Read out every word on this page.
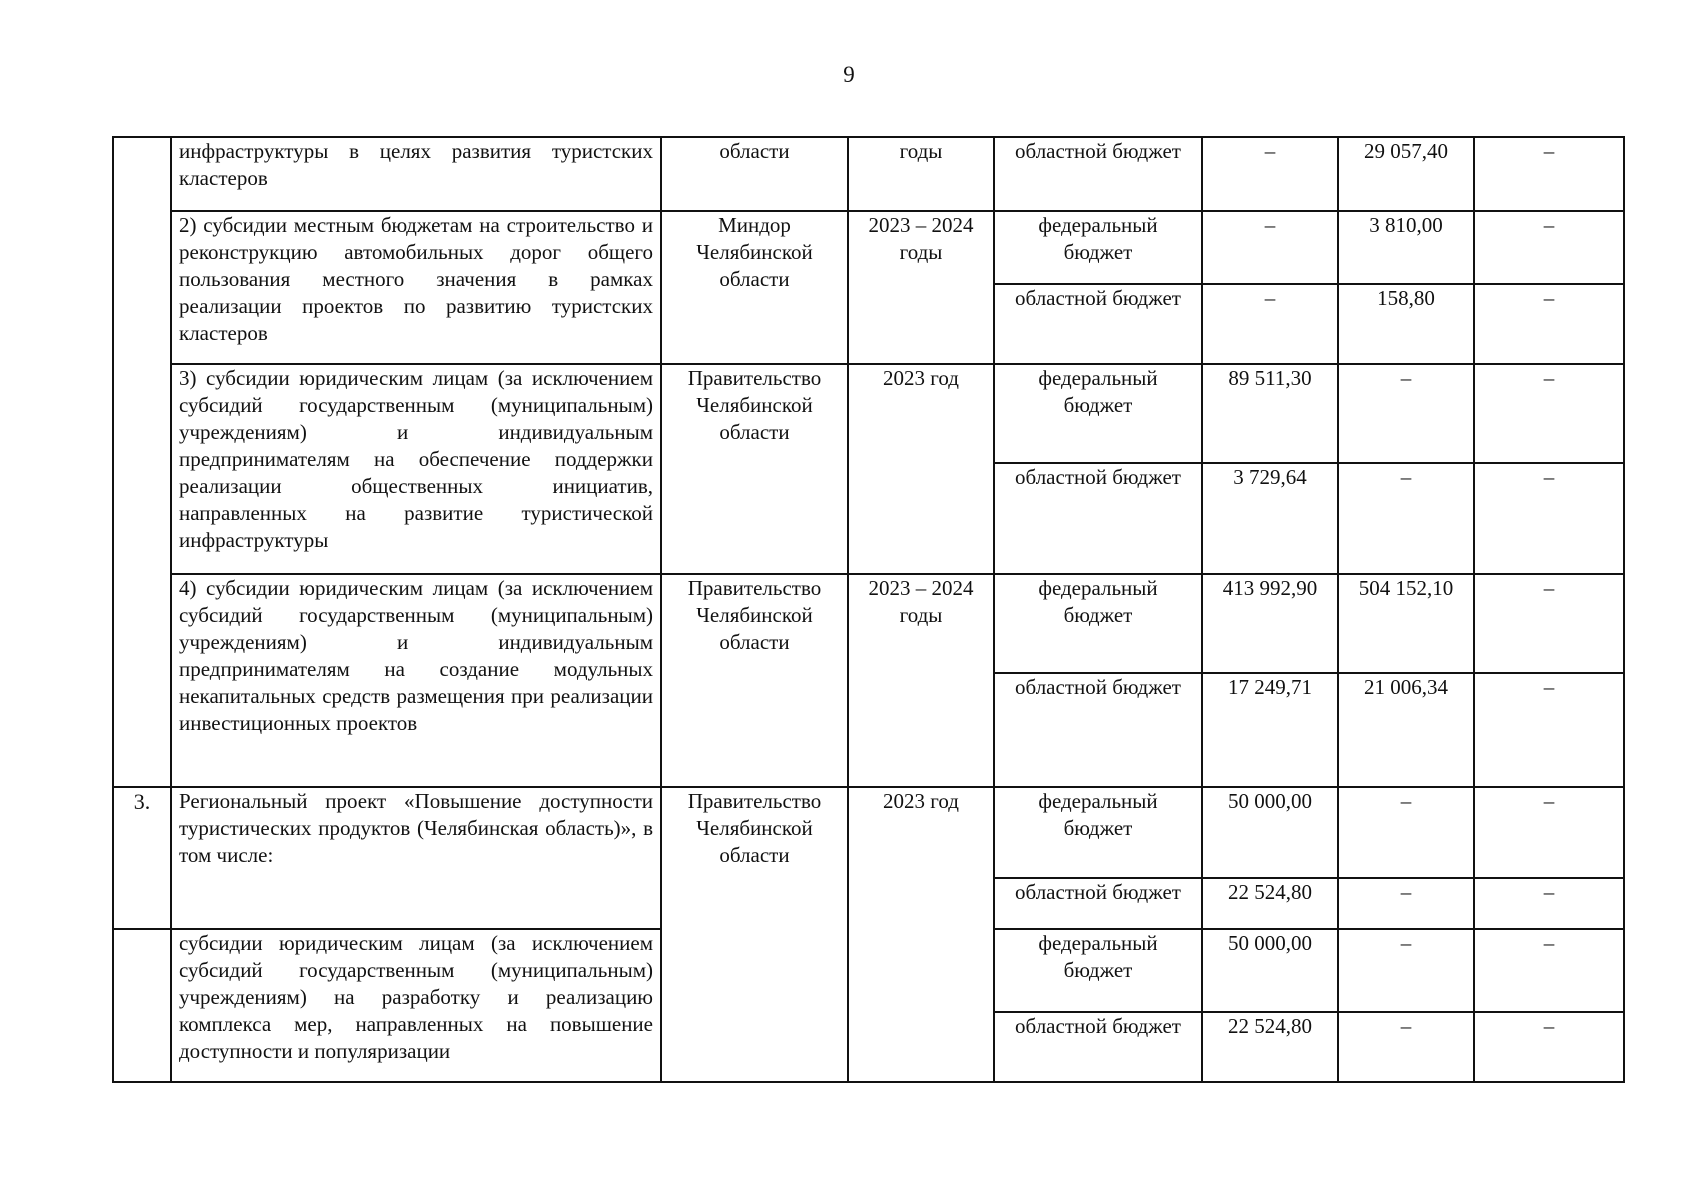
9
	инфраструктуры в целях развития туристских кластеров	области	годы	областной бюджет	–	29 057,40	–
	2) субсидии местным бюджетам на строительство и реконструкцию автомобильных дорог общего пользования местного значения в рамках реализации проектов по развитию туристских кластеров	Миндор Челябинской области	2023 – 2024 годы	федеральный бюджет	–	3 810,00	–
				областной бюджет	–	158,80	–
	3) субсидии юридическим лицам (за исключением субсидий государственным (муниципальным) учреждениям) и индивидуальным предпринимателям на обеспечение поддержки реализации общественных инициатив, направленных на развитие туристической инфраструктуры	Правительство Челябинской области	2023 год	федеральный бюджет	89 511,30	–	–
				областной бюджет	3 729,64	–	–
	4) субсидии юридическим лицам (за исключением субсидий государственным (муниципальным) учреждениям) и индивидуальным предпринимателям на создание модульных некапитальных средств размещения при реализации инвестиционных проектов	Правительство Челябинской области	2023 – 2024 годы	федеральный бюджет	413 992,90	504 152,10	–
				областной бюджет	17 249,71	21 006,34	–
3.	Региональный проект «Повышение доступности туристических продуктов (Челябинская область)», в том числе:	Правительство Челябинской области	2023 год	федеральный бюджет	50 000,00	–	–
				областной бюджет	22 524,80	–	–
	субсидии юридическим лицам (за исключением субсидий государственным (муниципальным) учреждениям) на разработку и реализацию комплекса мер, направленных на повышение доступности и популяризации			федеральный бюджет	50 000,00	–	–
				областной бюджет	22 524,80	–	–
